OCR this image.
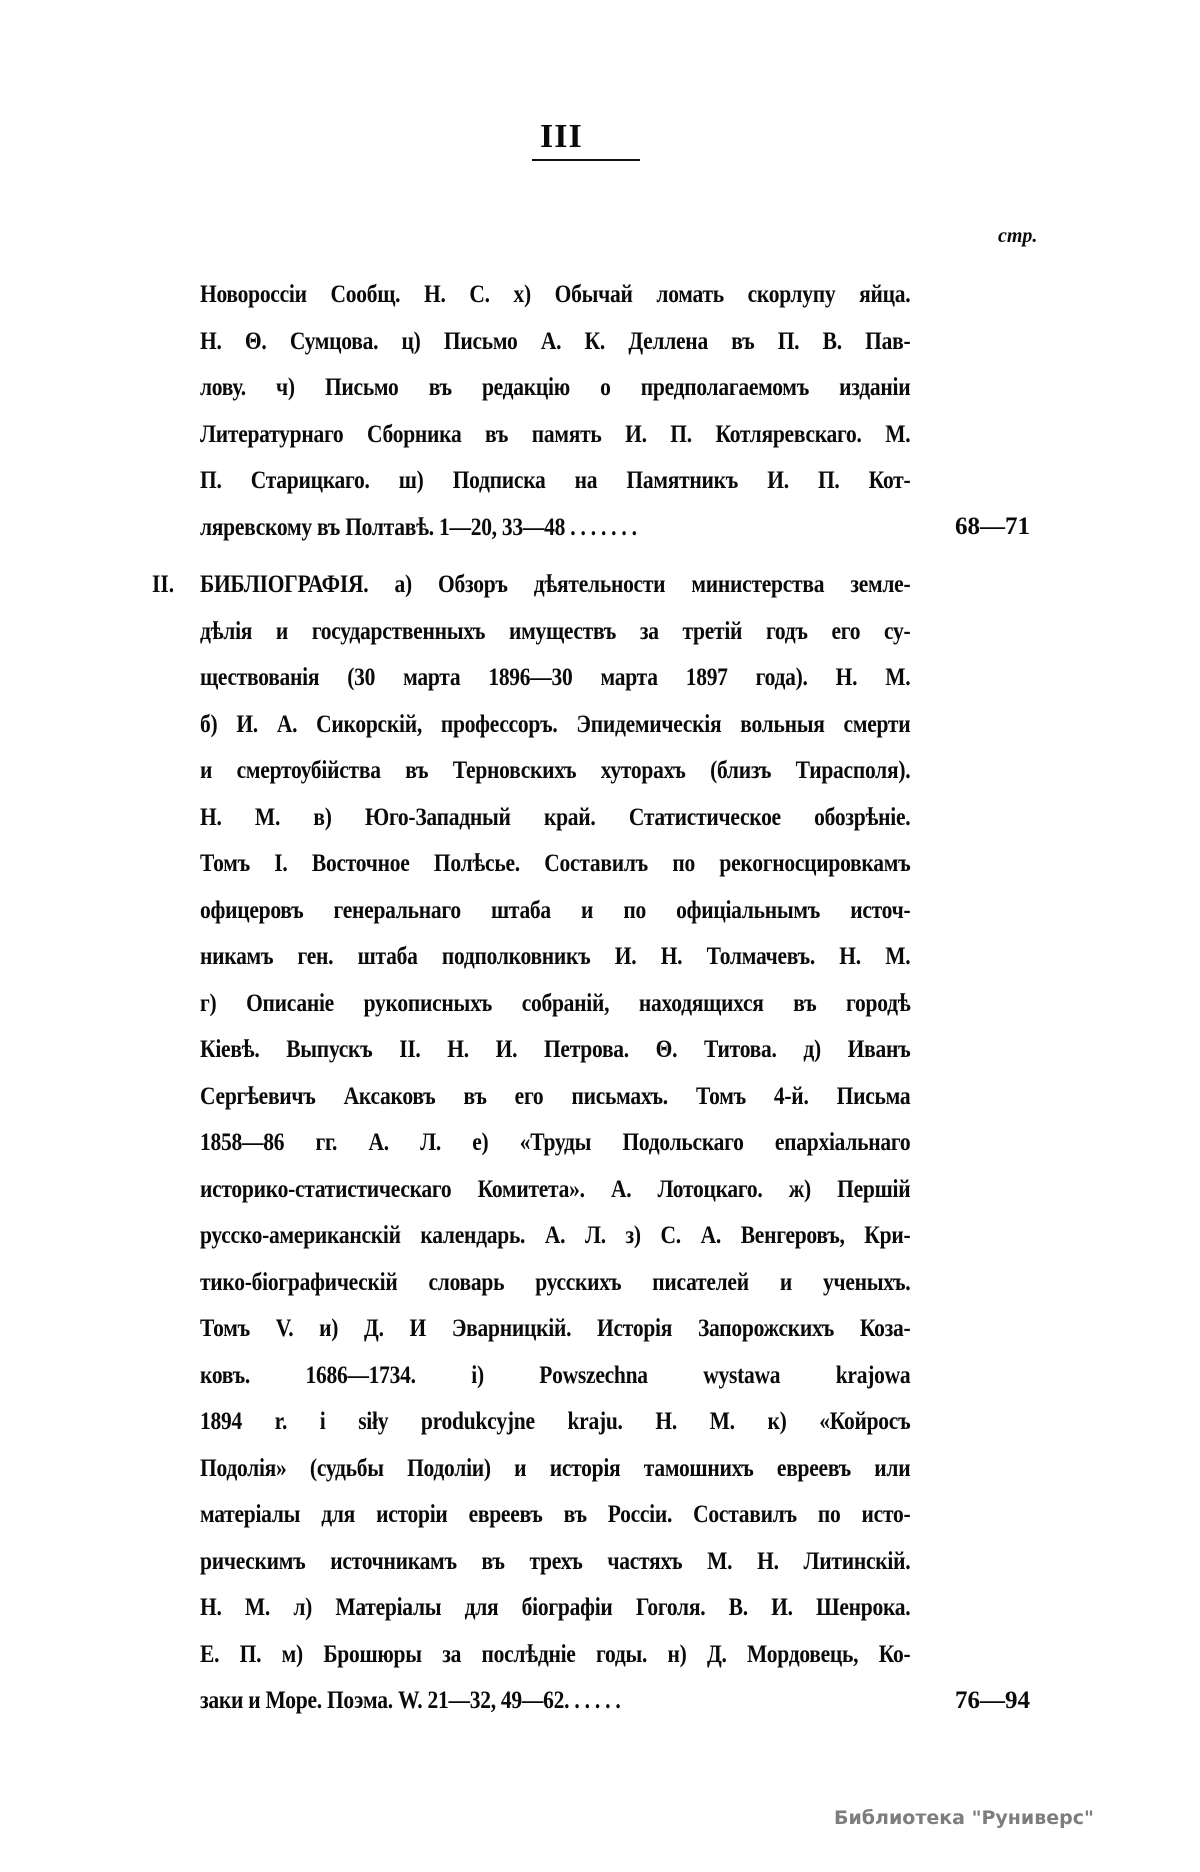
III
стр.
Новороссіи Сообщ. Н. С. х) Обычай ломать скорлупу яйца.
Н. Θ. Сумцова. ц) Письмо А. К. Деллена въ П. В. Пав-
лову. ч) Письмо въ редакцію о предполагаемомъ изданіи
Литературнаго Сборника въ память И. П. Котляревскаго. М.
П. Старицкаго. ш) Подписка на Памятникъ И. П. Кот-
ляревскому въ Полтавѣ. 1—20, 33—48 . . . . . . .	68—71
II. БИБЛІОГРАФІЯ. а) Обзоръ дѣятельности министерства земле-
дѣлія и государственныхъ имуществъ за третій годъ его су-
ществованія (30 марта 1896—30 марта 1897 года). Н. М.
б) И. А. Сикорскій, профессоръ. Эпидемическія вольныя смерти
и смертоубійства въ Терновскихъ хуторахъ (близъ Тирасполя).
Н. М. в) Юго-Западный край. Статистическое обозрѣніе.
Томъ I. Восточное Полѣсье. Составилъ по рекогносцировкамъ
офицеровъ генеральнаго штаба и по офиціальнымъ источ-
никамъ ген. штаба подполковникъ И. Н. Толмачевъ. Н. М.
г) Описаніе рукописныхъ собраній, находящихся въ городѣ
Кіевѣ. Выпускъ II. Н. И. Петрова. Θ. Титова. д) Иванъ
Сергѣевичъ Аксаковъ въ его письмахъ. Томъ 4-й. Письма
1858—86 гг. А. Л. е) «Труды Подольскаго епархіальнаго
историко-статистическаго Комитета». А. Лотоцкаго. ж) Першій
русско-американскій календарь. А. Л. з) С. А. Венгеровъ, Кри-
тико-біографическій словарь русскихъ писателей и ученыхъ.
Томъ V. и) Д. И Эварницкій. Исторія Запорожскихъ Коза-
ковъ. 1686—1734. і) Powszechna wystawa krajowa
1894 r. i siły produkcyjne kraju. Н. М. к) «Койросъ
Подолія» (судьбы Подоліи) и исторія тамошнихъ евреевъ или
матеріалы для исторіи евреевъ въ Россіи. Составилъ по исто-
рическимъ источникамъ въ трехъ частяхъ М. Н. Литинскій.
Н. М. л) Матеріалы для біографіи Гоголя. В. И. Шенрока.
Е. П. м) Брошюры за послѣдніе годы. н) Д. Мордовець, Ко-
заки и Море. Поэма. W. 21—32, 49—62. . . . . .	76—94
Библиотека "Руниверс"
